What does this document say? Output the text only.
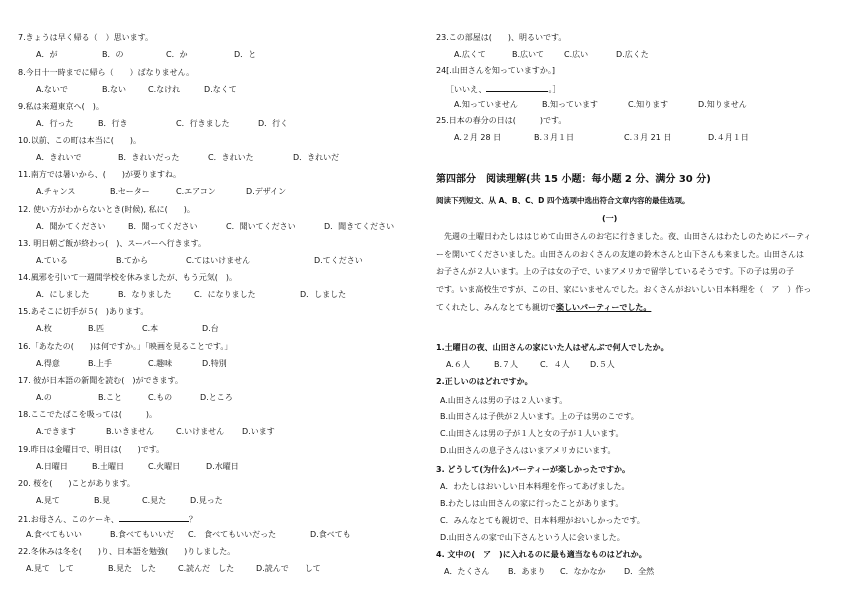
7.きょうは早く帰る（　）思います。
A．が	B．の	C．か	D．と
8.今日十一時までに帰ら（　　）ばなりません。
A.ないで	B.ない	C.なけれ	D.なくて
9.私は来週東京へ(　)。
A．行った	B．行き	C．行きました	D．行く
10.以前、この町は本当に(　　)。
A．きれいで	B．きれいだった	C．きれいた	D．きれいだ
11.南方では暑いから、(　　)が要りますね。
A.チャンス	B.セーター	C.エアコン	D.デザイン
12. 使い方がわからないとき(时候), 私に(　　)。
A．聞かてください	B．聞ってください	C．聞いてください	D．聞きてください
13. 明日朝ご飯が終わっ(　)、スーパーへ行きます。
A.ている	B.てから	C.てはいけません	D.てください
14.風邪を引いて一週間学校を休みましたが、もう元気(　)。
A．にしました	B．なりました	C．になりました	D．しました
15.あそこに切手が５(　)あります。
A.枚	B.匹	C.本	D.台
16.「あなたの(　　)は何ですか。」「映画を見ることです。」
A.得意	B.上手	C.趣味	D.特別
17. 彼が日本語の新聞を読む(　)ができます。
A.の	B.こと	C.もの	D.ところ
18.ここでたばこを吸っては(　　　)。
A.できます	B.いきません	C.いけません D.います
19.昨日は金曜日で、明日は(　　)です。
A.日曜日	B.土曜日	C.火曜日	D.水曜日
20. 桜を(　　)ことがあります。
A.見て	B.見	C.見た	D.見った
21.お母さん、このケーキ、	？
A.食べてもいい	B.食べてもいいだ C.　食べてもいいだった	D.食べても
22.冬休みは冬を(　　)り、日本語を勉強(　　)りしました。
A.見て　して	B.見た　した	C.読んだ　した	D.読んで　　して
23.この部屋は(　　)、明るいです。
A.広くて	B.広いて C.広い	D.広くた
24[.山田さんを知っていますか。]
［いいえ、	。］
A.知っていません	B.知っています	C.知ります	D.知りません
25.日本の春分の日は(　　　)です。
A.２月 28 日	B.３月１日	C.３月 21 日	D.４月１日
第四部分　阅读理解(共 15 小题：每小题 2 分、满分 30 分)
阅读下列短文、从 A、B、C、D 四个选项中选出符合文章内容的最佳选项。
(一)
　先週の土曜日わたしははじめて山田さんのお宅に行きました。夜、山田さんはわたしのためにパーティ
ーを開いてくださいました。山田さんのおくさんの友達の鈴木さんと山下さんも来ました。山田さんは
お子さんが２人います。上の子は女の子で、いまアメリカで留学しているそうです。下の子は男の子
です。いま高校生ですが、この日、家にいませんでした。おくさんがおいしい日本料理を（　ア　）作っ
てくれたし、みんなとても親切で楽しいパーティーでした。
1.土曜日の夜、山田さんの家にいた人はぜんぶで何人でしたか。
A.６人	B.７人	C．４人	D.５人
2.正しいのはどれですか。
A.山田さんは男の子は２人います。
B.山田さんは子供が２人います。上の子は男のこです。
C.山田さんは男の子が１人と女の子が１人います。
D.山田さんの息子さんはいまアメリカにいます。
3. どうして(为什么)パーティーが楽しかったですか。
A．わたしはおいしい日本料理を作ってあげました。
B.わたしは山田さんの家に行ったことがあります。
C．みんなとても親切で、日本料理がおいしかったです。
D.山田さんの家で山下さんという人に会いました。
4. 文中の(　ア　)に入れるのに最も適当なものはどれか。
A．たくさん B．あまり C．なかなか D．全然
